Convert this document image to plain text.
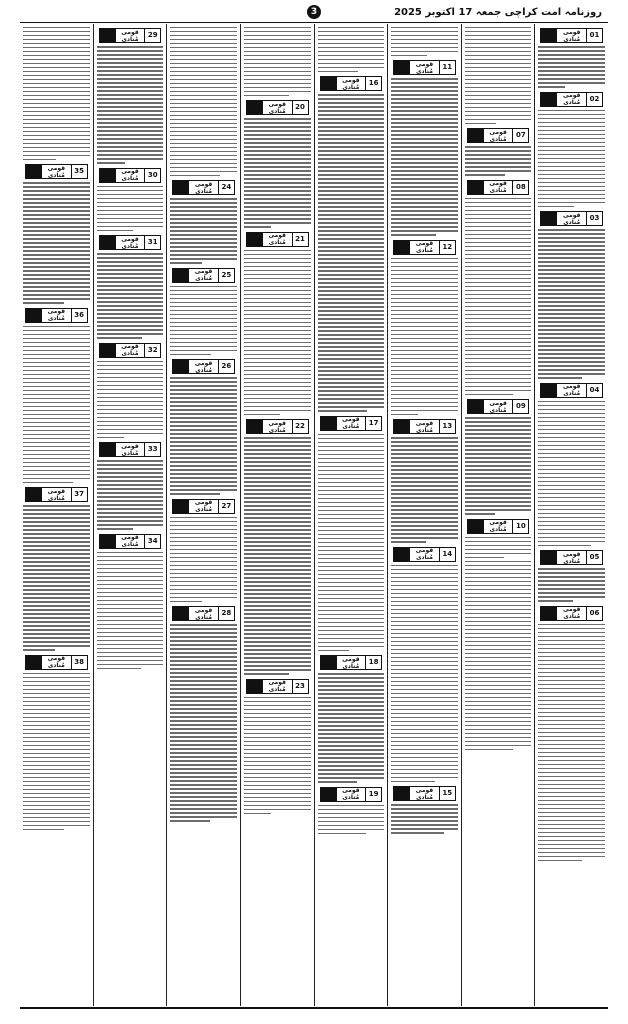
روزنامہ امت کراچی جمعہ 17 اکتوبر 2025
3
01
قومی مُنادی
02
قومی مُنادی
03
قومی مُنادی
04
قومی مُنادی
05
قومی مُنادی
06
قومی مُنادی
07
قومی مُنادی
08
قومی مُنادی
09
قومی مُنادی
10
قومی مُنادی
11
قومی مُنادی
12
قومی مُنادی
13
قومی مُنادی
14
قومی مُنادی
15
قومی مُنادی
16
قومی مُنادی
17
قومی مُنادی
18
قومی مُنادی
19
قومی مُنادی
20
قومی مُنادی
21
قومی مُنادی
22
قومی مُنادی
23
قومی مُنادی
24
قومی مُنادی
25
قومی مُنادی
26
قومی مُنادی
27
قومی مُنادی
28
قومی مُنادی
29
قومی مُنادی
30
قومی مُنادی
31
قومی مُنادی
32
قومی مُنادی
33
قومی مُنادی
34
قومی مُنادی
35
قومی مُنادی
36
قومی مُنادی
37
قومی مُنادی
38
قومی مُنادی
